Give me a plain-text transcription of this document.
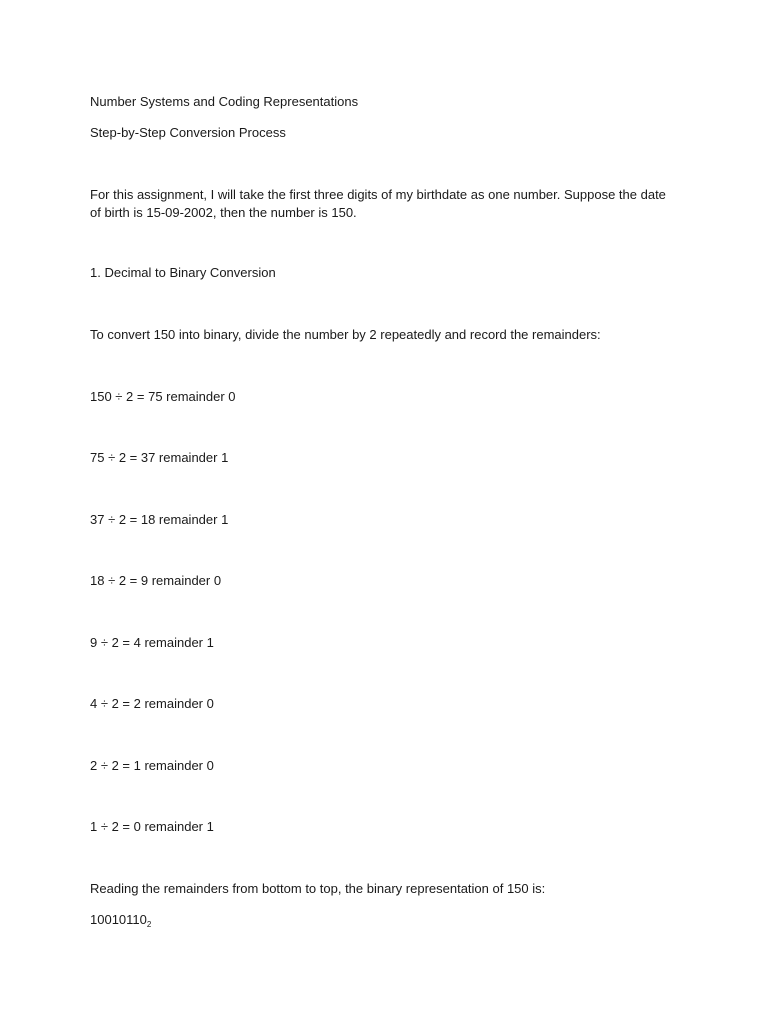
Number Systems and Coding Representations
Step-by-Step Conversion Process
For this assignment, I will take the first three digits of my birthdate as one number. Suppose the date of birth is 15-09-2002, then the number is 150.
1. Decimal to Binary Conversion
To convert 150 into binary, divide the number by 2 repeatedly and record the remainders:
150 ÷ 2 = 75 remainder 0
75 ÷ 2 = 37 remainder 1
37 ÷ 2 = 18 remainder 1
18 ÷ 2 = 9 remainder 0
9 ÷ 2 = 4 remainder 1
4 ÷ 2 = 2 remainder 0
2 ÷ 2 = 1 remainder 0
1 ÷ 2 = 0 remainder 1
Reading the remainders from bottom to top, the binary representation of 150 is:
$10010110_2$
